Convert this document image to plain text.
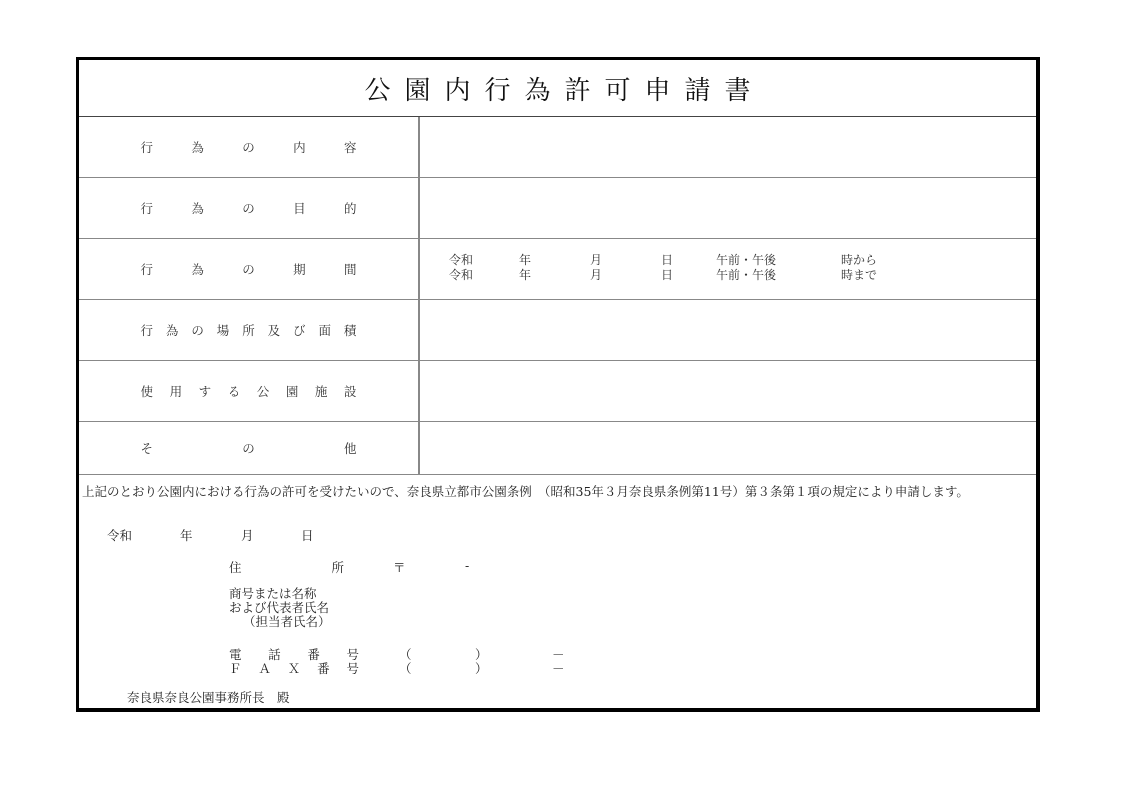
公園内行為許可申請書
行	為	の	内	容
行	為	の	目	的
行	為	の	期	間
令和	年	月	日	午前・午後	時から
令和	年	月	日	午前・午後	時まで
行 為 の 場 所 及 び 面 積
使 用 す る 公 園 施 設
そ	の	他
上記のとおり公園内における行為の許可を受けたいので、奈良県立都市公園条例　（昭和35年３月奈良県条例第11号）第３条第１項の規定により申請します。
令和	年	月	日
住	所	〒	-
商号または名称
および代表者氏名
（担当者氏名）
電 話 番 号	（	）	－
Ｆ Ａ Ｘ 番 号	（	）	－
奈良県奈良公園事務所長　殿
